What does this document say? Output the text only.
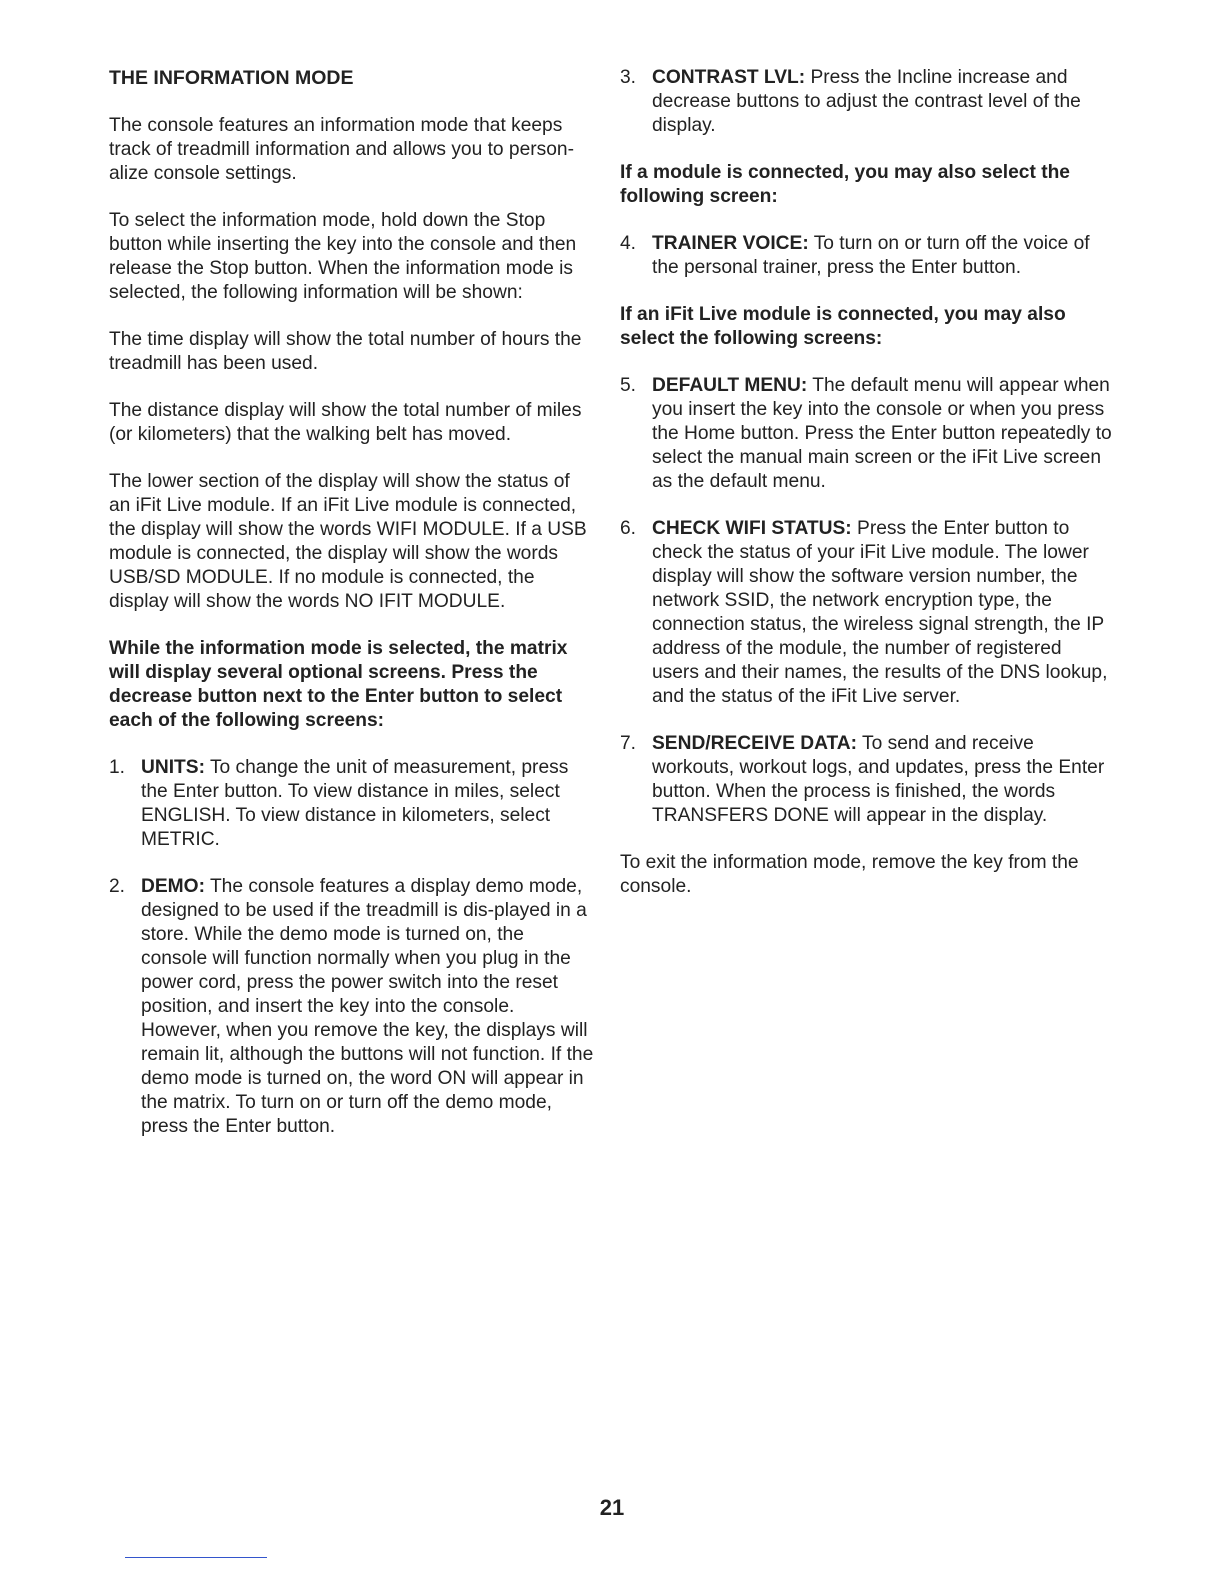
THE INFORMATION MODE
The console features an information mode that keeps track of treadmill information and allows you to person-alize console settings.
To select the information mode, hold down the Stop button while inserting the key into the console and then release the Stop button. When the information mode is selected, the following information will be shown:
The time display will show the total number of hours the treadmill has been used.
The distance display will show the total number of miles (or kilometers) that the walking belt has moved.
The lower section of the display will show the status of an iFit Live module. If an iFit Live module is connected, the display will show the words WIFI MODULE. If a USB module is connected, the display will show the words USB/SD MODULE. If no module is connected, the display will show the words NO IFIT MODULE.
While the information mode is selected, the matrix will display several optional screens. Press the decrease button next to the Enter button to select each of the following screens:
1. UNITS: To change the unit of measurement, press the Enter button. To view distance in miles, select ENGLISH. To view distance in kilometers, select METRIC.
2. DEMO: The console features a display demo mode, designed to be used if the treadmill is dis-played in a store. While the demo mode is turned on, the console will function normally when you plug in the power cord, press the power switch into the reset position, and insert the key into the console. However, when you remove the key, the displays will remain lit, although the buttons will not function. If the demo mode is turned on, the word ON will appear in the matrix. To turn on or turn off the demo mode, press the Enter button.
3. CONTRAST LVL: Press the Incline increase and decrease buttons to adjust the contrast level of the display.
If a module is connected, you may also select the following screen:
4. TRAINER VOICE: To turn on or turn off the voice of the personal trainer, press the Enter button.
If an iFit Live module is connected, you may also select the following screens:
5. DEFAULT MENU: The default menu will appear when you insert the key into the console or when you press the Home button. Press the Enter button repeatedly to select the manual main screen or the iFit Live screen as the default menu.
6. CHECK WIFI STATUS: Press the Enter button to check the status of your iFit Live module. The lower display will show the software version number, the network SSID, the network encryption type, the connection status, the wireless signal strength, the IP address of the module, the number of registered users and their names, the results of the DNS lookup, and the status of the iFit Live server.
7. SEND/RECEIVE DATA: To send and receive workouts, workout logs, and updates, press the Enter button. When the process is finished, the words TRANSFERS DONE will appear in the display.
To exit the information mode, remove the key from the console.
21
